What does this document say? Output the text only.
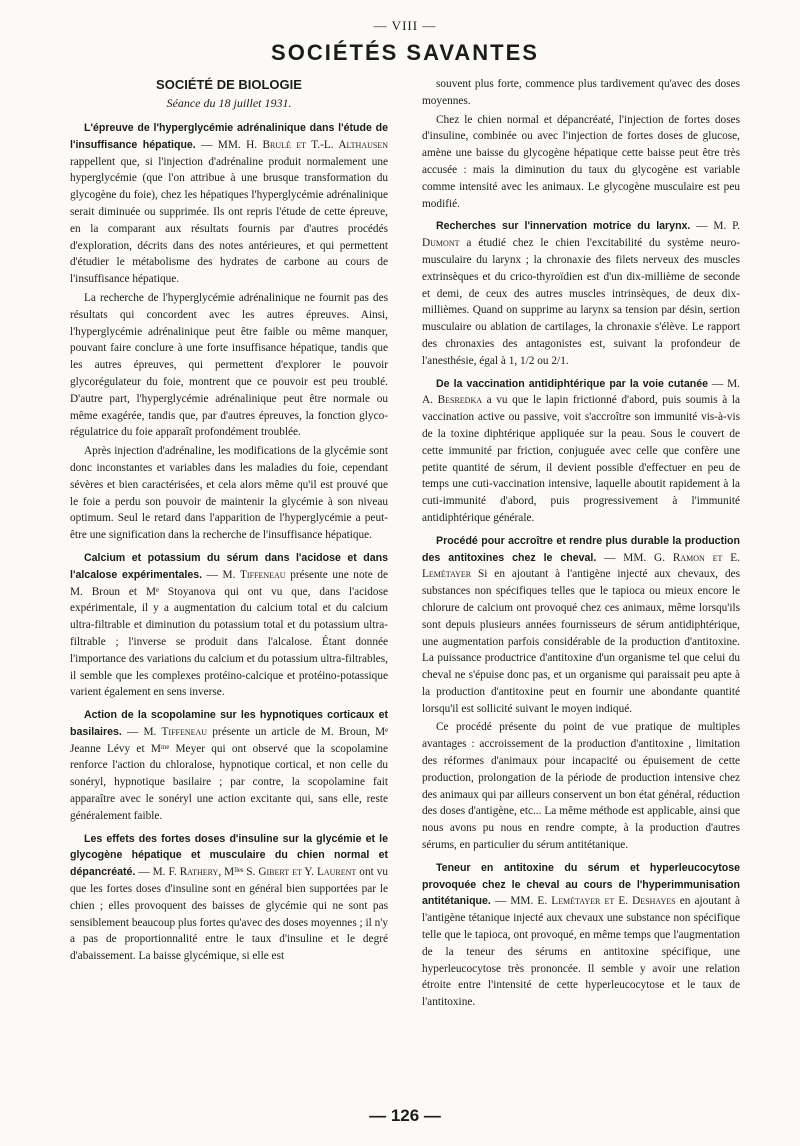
— VIII —
SOCIÉTÉS SAVANTES
SOCIÉTÉ DE BIOLOGIE
Séance du 18 juillet 1931.

L'épreuve de l'hyperglycémie adrénalinique dans l'étude de l'insuffisance hépatique. — MM. H. Brulé et T.-L. Althausen rappellent que, si l'injection d'adrénaline produit normalement une hyperglycémie (que l'on attribue à une brusque transformation du glycogène du foie), chez les hépatiques l'hyperglycémie adrénalinique serait diminuée ou supprimée. Ils ont repris l'étude de cette épreuve, en la comparant aux résultats fournis par d'autres procédés d'exploration, décrits dans des notes antérieures, et qui permettent d'étudier le métabolisme des hydrates de carbone au cours de l'insuffisance hépatique.

La recherche de l'hyperglycémie adrénalinique ne fournit pas des résultats qui concordent avec les autres épreuves. Ainsi, l'hyperglycémie adrénalinique peut être faible ou même manquer, pouvant faire conclure à une forte insuffisance hépatique, tandis que les autres épreuves, qui permettent d'explorer le pouvoir glycorégulateur du foie, montrent que ce pouvoir est peu troublé. D'autre part, l'hyperglycémie adrénalinique peut être normale ou même exagérée, tandis que, par d'autres épreuves, la fonction glyco-régulatrice du foie apparaît profondément troublée.

Après injection d'adrénaline, les modifications de la glycémie sont donc inconstantes et variables dans les maladies du foie, cependant sévères et bien caractérisées, et cela alors même qu'il est prouvé que le foie a perdu son pouvoir de maintenir la glycémie à son niveau optimum. Seul le retard dans l'apparition de l'hyperglycémie a peut-être une signification dans la recherche de l'insuffisance hépatique.

Calcium et potassium du sérum dans l'acidose et dans l'alcalose expérimentales. — M. Tiffeneau présente une note de M. Broun et Mᵉ Stoyanova qui ont vu que, dans l'acidose expérimentale, il y a augmentation du calcium total et du calcium ultra-filtrable et diminution du potassium total et du potassium ultra-filtrable ; l'inverse se produit dans l'alcalose. Étant donnée l'importance des variations du calcium et du potassium ultra-filtrables, il semble que les complexes protéino-calcique et protéino-potassique varient également en sens inverse.

Action de la scopolamine sur les hypnotiques corticaux et basilaires. — M. Tiffeneau présente un article de M. Broun, Mᵉ Jeanne Lévy et Mᵐᵉ Meyer qui ont observé que la scopolamine renforce l'action du chloralose, hypnotique cortical, et non celle du sonéryl, hypnotique basilaire ; par contre, la scopolamine fait apparaître avec le sonéryl une action excitante qui, sans elle, reste généralement faible.

Les effets des fortes doses d'insuline sur la glycémie et le glycogène hépatique et musculaire du chien normal et dépancréaté. — M. F. Rathery, Mˡˡᵉˢ S. Gibert et Y. Laurent ont vu que les fortes doses d'insuline sont en général bien supportées par le chien ; elles provoquent des baisses de glycémie qui ne sont pas sensiblement beaucoup plus fortes qu'avec des doses moyennes ; il n'y a pas de proportionnalité entre le taux d'insuline et le degré d'abaissement. La baisse glycémique, si elle est

souvent plus forte, commence plus tardivement qu'avec des doses moyennes.

Chez le chien normal et dépancréaté, l'injection de fortes doses d'insuline, combinée ou avec l'injection de fortes doses de glucose, amène une baisse du glycogène hépatique cette baisse peut être très accusée : mais la diminution du taux du glycogène est variable comme intensité avec les animaux. Le glycogène musculaire est peu modifié.

Recherches sur l'innervation motrice du larynx. — M. P. Dumont a étudié chez le chien l'excitabilité du système neuro-musculaire du larynx ; la chronaxie des filets nerveux des muscles extrinsèques et du crico-thyroïdien est d'un dix-millième de seconde et demi, de ceux des autres muscles intrinsèques, de deux dix-millièmes. Quand on supprime au larynx sa tension par désin, sertion musculaire ou ablation de cartilages, la chronaxie s'élève. Le rapport des chronaxies des antagonistes est, suivant la profondeur de l'anesthésie, égal à 1, 1/2 ou 2/1.

De la vaccination antidiphtérique par la voie cutanée — M. A. Besredka a vu que le lapin frictionné d'abord, puis soumis à la vaccination active ou passive, voit s'accroître son immunité vis-à-vis de la toxine diphtérique appliquée sur la peau. Sous le couvert de cette immunité par friction, conjuguée avec celle que confère une petite quantité de sérum, il devient possible d'effectuer en peu de temps une cuti-vaccination intensive, laquelle aboutit rapidement à la cuti-immunité d'abord, puis progressivement à l'immunité antidiphtérique générale.

Procédé pour accroître et rendre plus durable la production des antitoxines chez le cheval. — MM. G. Ramon et E. Lemétayer Si en ajoutant à l'antigène injecté aux chevaux, des substances non spécifiques telles que le tapioca ou mieux encore le chlorure de calcium ont provoqué chez ces animaux, même lorsqu'ils sont depuis plusieurs années fournisseurs de sérum antidiphtérique, une augmentation parfois considérable de la production d'antitoxine. La puissance productrice d'antitoxine d'un organisme tel que celui du cheval ne s'épuise donc pas, et un organisme qui paraissait peu apte à la production d'antitoxine peut en fournir une abondante quantité lorsqu'il est sollicité suivant le moyen indiqué.

Ce procédé présente du point de vue pratique de multiples avantages : accroissement de la production d'antitoxine , limitation des réformes d'animaux pour incapacité ou épuisement de cette production, prolongation de la période de production intensive chez des animaux qui par ailleurs conservent un bon état général, réduction des doses d'antigène, etc... La même méthode est applicable, ainsi que nous avons pu nous en rendre compte, à la production d'autres sérums, en particulier du sérum antitétanique.

Teneur en antitoxine du sérum et hyperleucocytose provoquée chez le cheval au cours de l'hyperimmunisation antitétanique. — MM. E. Lemétayer et E. Deshayes en ajoutant à l'antigène tétanique injecté aux chevaux une substance non spécifique telle que le tapioca, ont provoqué, en même temps que l'augmentation de la teneur des sérums en antitoxine spécifique, une hyperleucocytose très prononcée. Il semble y avoir une relation étroite entre l'intensité de cette hyperleucocytose et le taux de l'antitoxine.

— 126 —
